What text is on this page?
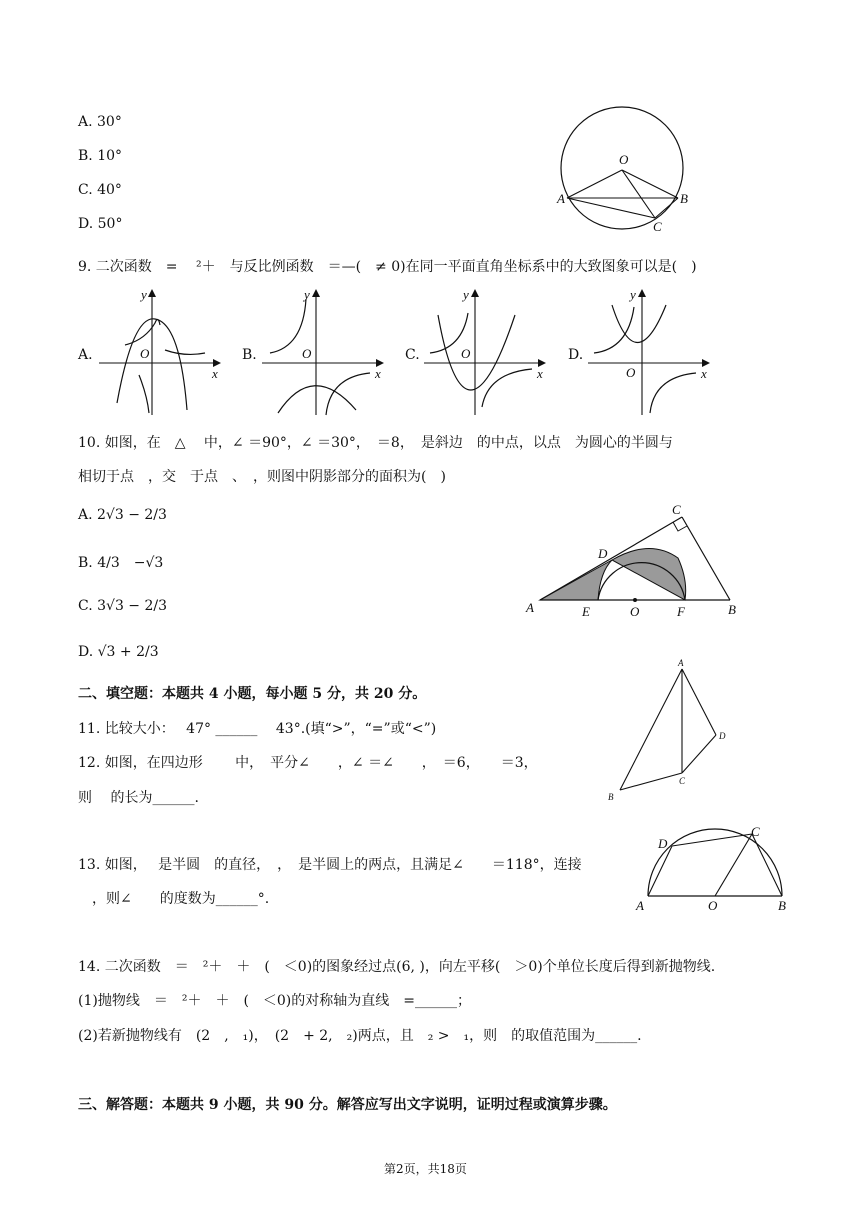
A. 30°
B. 10°
C. 40°
D. 50°
O
A	B
C
9. 二次函数　=　 ²＋　与反比例函数　＝—(　≠ 0)在同一平面直角坐标系中的大致图象可以是(　)
A.
y
x
O	B.
y
x
O	C.
y
x
O	D.
y
x
O
10. 如图，在　△　 中，∠ ＝90°，∠ ＝30°，　＝8，　是斜边　的中点，以点　为圆心的半圆与
相切于点　，交　于点　、　，则图中阴影部分的面积为(　)
A. 2√3 − 2/3
B. 4/3　−√3
C. 3√3 − 2/3
D. √3 + 2/3
A	B
C
D
E	O	F
二、填空题：本题共 4 小题，每小题 5 分，共 20 分。
11. 比较大小：　 47° ______　 43°.(填“>”，“=”或“<”)
12. 如图，在四边形　　 中，　平分∠　　，∠ ＝∠　　，　＝6，　　＝3，
则　 的长为______.
A
B
C
D
13. 如图，　 是半圆　的直径，　，　是半圆上的两点，且满足∠　　＝118°，连接
　，则∠　　的度数为______°.
D
C
A	O	B
14. 二次函数　＝　²＋　＋　(　＜0)的图象经过点(6, )，向左平移(　＞0)个单位长度后得到新抛物线.
(1)抛物线　＝　²＋　＋　(　＜0)的对称轴为直线　=______；
(2)若新抛物线有　(2　,　₁)，　(2　+ 2,　₂)两点，且　₂ >　₁，则　的取值范围为______.
三、解答题：本题共 9 小题，共 90 分。解答应写出文字说明，证明过程或演算步骤。
第2页，共18页
